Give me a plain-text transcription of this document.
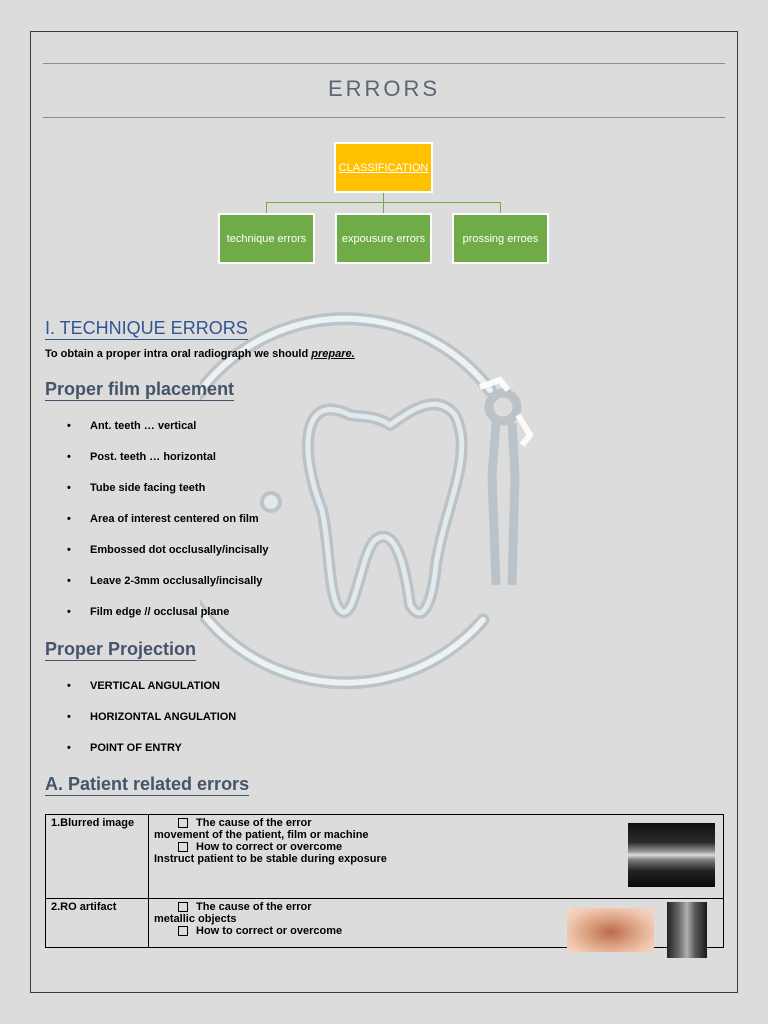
ERRORS
CLASSIFICATION
technique errors	expousure errors	prossing erroes
I. TECHNIQUE ERRORS
To obtain a proper intra oral radiograph we should prepare.
Proper film placement
• Ant. teeth … vertical
• Post. teeth … horizontal
• Tube side facing teeth
• Area of interest centered on film
• Embossed dot occlusally/incisally
• Leave 2-3mm occlusally/incisally
• Film edge // occlusal plane
Proper Projection
• VERTICAL ANGULATION
• HORIZONTAL ANGULATION
• POINT OF ENTRY
A. Patient related errors
1.Blurred image	The cause of the error
movement of the patient, film or machine
How to correct or overcome
Instruct patient to be stable during exposure

2.RO artifact	The cause of the error
metallic objects
How to correct or overcome
